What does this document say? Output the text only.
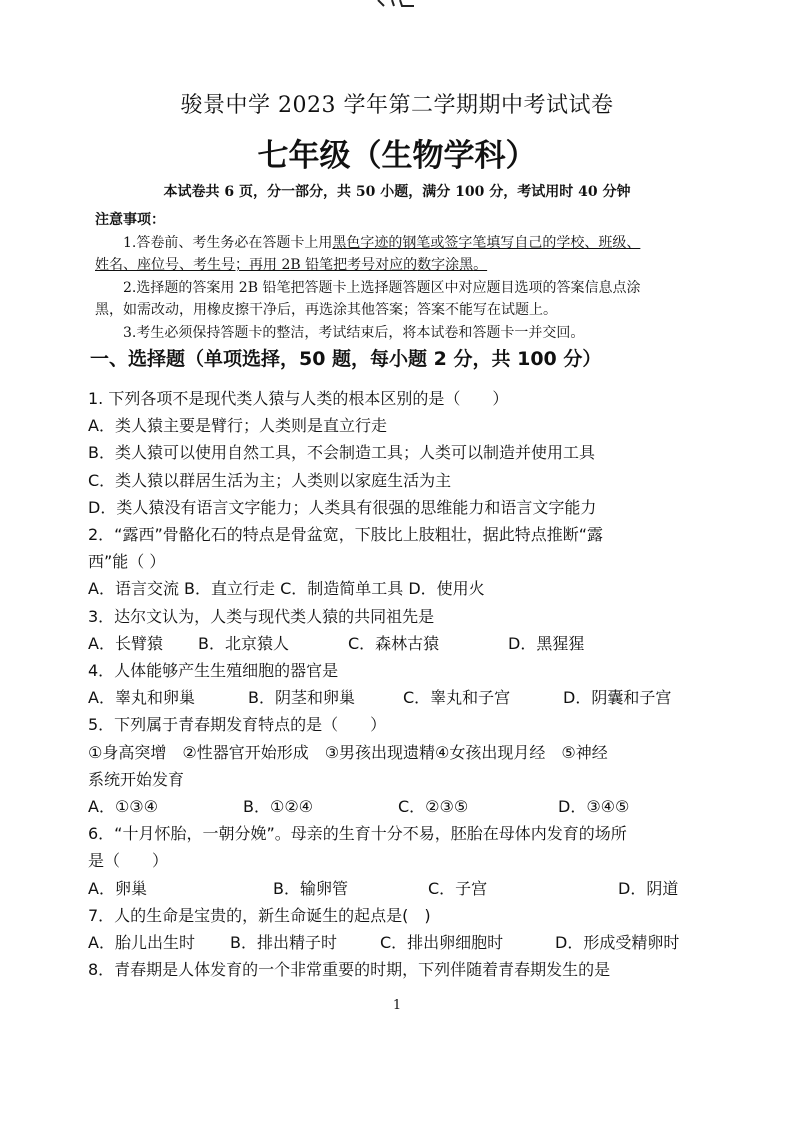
骏景中学 2023 学年第二学期期中考试试卷
七年级（生物学科）
本试卷共 6 页，分一部分，共 50 小题，满分 100 分，考试用时 40 分钟
注意事项：
1.答卷前、考生务必在答题卡上用黑色字迹的钢笔或签字笔填写自己的学校、班级、
姓名、座位号、考生号；再用 2B 铅笔把考号对应的数字涂黑。
2.选择题的答案用 2B 铅笔把答题卡上选择题答题区中对应题目选项的答案信息点涂
黑，如需改动，用橡皮擦干净后，再选涂其他答案；答案不能写在试题上。
3.考生必须保持答题卡的整洁，考试结束后，将本试卷和答题卡一并交回。
一、选择题（单项选择，50 题，每小题 2 分，共 100 分）
1. 下列各项不是现代类人猿与人类的根本区别的是（　　）
A．类人猿主要是臂行；人类则是直立行走
B．类人猿可以使用自然工具，不会制造工具；人类可以制造并使用工具
C．类人猿以群居生活为主；人类则以家庭生活为主
D．类人猿没有语言文字能力；人类具有很强的思维能力和语言文字能力
2．“露西”骨骼化石的特点是骨盆宽，下肢比上肢粗壮，据此特点推断“露
西”能（ ）
A．语言交流 B．直立行走 C．制造简单工具 D．使用火
3．达尔文认为，人类与现代类人猿的共同祖先是
A．长臂猿	B．北京猿人	C．森林古猿	D．黑猩猩
4．人体能够产生生殖细胞的器官是
A．睾丸和卵巢	B．阴茎和卵巢	C．睾丸和子宫	D．阴囊和子宫
5．下列属于青春期发育特点的是（　　）
①身高突增　②性器官开始形成　③男孩出现遗精④女孩出现月经　⑤神经
系统开始发育
A．①③④	B．①②④	C．②③⑤	D．③④⑤
6．“十月怀胎，一朝分娩”。母亲的生育十分不易，胚胎在母体内发育的场所
是（　　）
A．卵巢	B．输卵管	C．子宫	D．阴道
7．人的生命是宝贵的，新生命诞生的起点是(　)
A．胎儿出生时	B．排出精子时	C．排出卵细胞时	D．形成受精卵时
8．青春期是人体发育的一个非常重要的时期，下列伴随着青春期发生的是
1
